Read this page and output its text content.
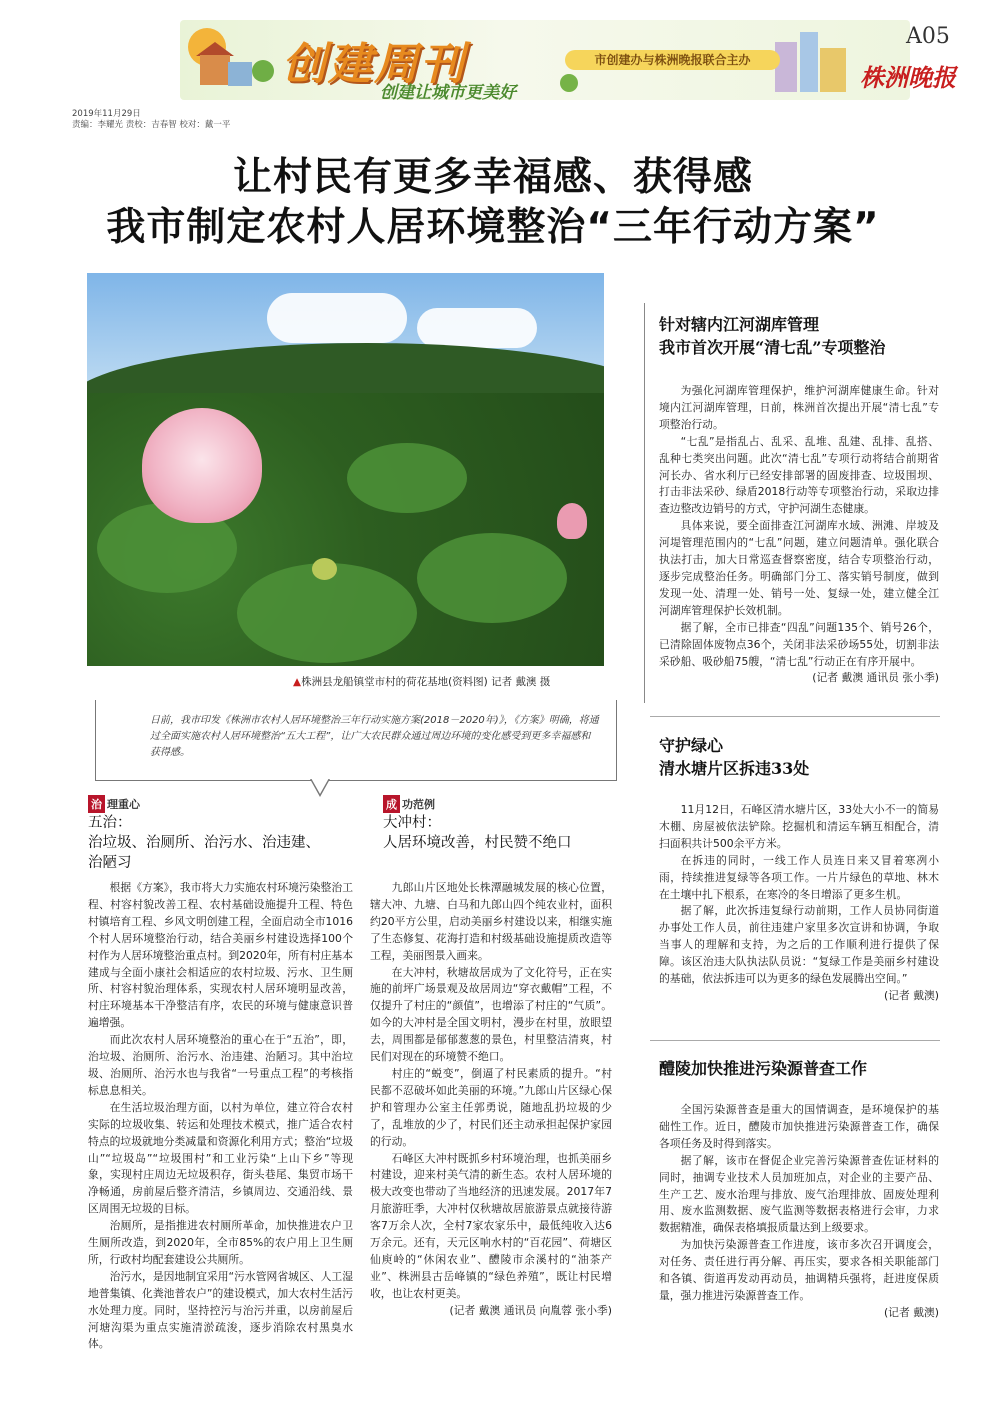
创建周刊
创建让城市更美好
市创建办与株洲晚报联合主办
A05
株洲晚报
2019年11月29日
责编：李耀光 责校：吉春智 校对：戴一平
让村民有更多幸福感、获得感
我市制定农村人居环境整治“三年行动方案”
▲株洲县龙船镇堂市村的荷花基地(资料图) 记者 戴澳 摄
日前，我市印发《株洲市农村人居环境整治三年行动实施方案(2018－2020年)》，《方案》明确，将通过全面实施农村人居环境整治“五大工程”，让广大农民群众通过周边环境的变化感受到更多幸福感和获得感。
治 理重心
五治：
治垃圾、治厕所、治污水、治违建、
治陋习

根据《方案》，我市将大力实施农村环境污染整治工程、村容村貌改善工程、农村基础设施提升工程、特色村镇培育工程、乡风文明创建工程，全面启动全市1016个村人居环境整治行动，结合美丽乡村建设选择100个村作为人居环境整治重点村。到2020年，所有村庄基本建成与全面小康社会相适应的农村垃圾、污水、卫生厕所、村容村貌治理体系，实现农村人居环境明显改善，村庄环境基本干净整洁有序，农民的环境与健康意识普遍增强。

而此次农村人居环境整治的重心在于“五治”，即，治垃圾、治厕所、治污水、治违建、治陋习。其中治垃圾、治厕所、治污水也与我省“一号重点工程”的考核指标息息相关。

在生活垃圾治理方面，以村为单位，建立符合农村实际的垃圾收集、转运和处理技术模式，推广适合农村特点的垃圾就地分类减量和资源化利用方式；整治“垃圾山”“垃圾岛”“垃圾围村”和工业污染“上山下乡”等现象，实现村庄周边无垃圾积存，街头巷尾、集贸市场干净畅通，房前屋后整齐清洁，乡镇周边、交通沿线、景区周围无垃圾的目标。

治厕所，是指推进农村厕所革命，加快推进农户卫生厕所改造，到2020年，全市85%的农户用上卫生厕所，行政村均配套建设公共厕所。

治污水，是因地制宜采用“污水管网省城区、人工湿地普集镇、化粪池普农户”的建设模式，加大农村生活污水处理力度。同时，坚持控污与治污并重，以房前屋后河塘沟渠为重点实施清淤疏浚，逐步消除农村黑臭水体。

成 功范例
大冲村：
人居环境改善，村民赞不绝口

九郎山片区地处长株潭融城发展的核心位置，辖大冲、九塘、白马和九郎山四个纯农业村，面积约20平方公里，启动美丽乡村建设以来，相继实施了生态修复、花海打造和村级基础设施提质改造等工程，美丽图景入画来。

在大冲村，秋塘故居成为了文化符号，正在实施的前坪广场景观及故居周边“穿衣戴帽”工程，不仅提升了村庄的“颜值”，也增添了村庄的“气质”。如今的大冲村是全国文明村，漫步在村里，放眼望去，周围都是郁郁葱葱的景色，村里整洁清爽，村民们对现在的环境赞不绝口。

村庄的“蜕变”，倒逼了村民素质的提升。“村民都不忍破坏如此美丽的环境。”九郎山片区绿心保护和管理办公室主任郭勇说，随地乱扔垃圾的少了，乱堆放的少了，村民们还主动承担起保护家园的行动。

石峰区大冲村既抓乡村环境治理，也抓美丽乡村建设，迎来村美气清的新生态。农村人居环境的极大改变也带动了当地经济的迅速发展。2017年7月旅游旺季，大冲村仅秋塘故居旅游景点就接待游客7万余人次，全村7家农家乐中，最低纯收入达6万余元。还有，天元区响水村的“百花园”、荷塘区仙庾岭的“休闲农业”、醴陵市余溪村的“油茶产业”、株洲县古岳峰镇的“绿色养殖”，既让村民增收，也让农村更美。

(记者 戴澳 通讯员 向胤蓉 张小季)
针对辖内江河湖库管理
我市首次开展“清七乱”专项整治

为强化河湖库管理保护，维护河湖库健康生命。针对境内江河湖库管理，日前，株洲首次提出开展“清七乱”专项整治行动。

“七乱”是指乱占、乱采、乱堆、乱建、乱排、乱搭、乱种七类突出问题。此次“清七乱”专项行动将结合前期省河长办、省水利厅已经安排部署的固废排查、垃圾围坝、打击非法采砂、绿盾2018行动等专项整治行动，采取边排查边整改边销号的方式，守护河湖生态健康。

具体来说，要全面排查江河湖库水域、洲滩、岸坡及河堤管理范围内的“七乱”问题，建立问题清单。强化联合执法打击，加大日常巡查督察密度，结合专项整治行动，逐步完成整治任务。明确部门分工、落实销号制度，做到发现一处、清理一处、销号一处、复绿一处，建立健全江河湖库管理保护长效机制。

据了解，全市已排查“四乱”问题135个、销号26个，已清除固体废物点36个，关闭非法采砂场55处，切割非法采砂船、吸砂船75艘，“清七乱”行动正在有序开展中。

(记者 戴澳 通讯员 张小季)
守护绿心
清水塘片区拆违33处

11月12日，石峰区清水塘片区，33处大小不一的简易木棚、房屋被依法铲除。挖掘机和清运车辆互相配合，清扫面积共计500余平方米。

在拆违的同时，一线工作人员连日来又冒着寒冽小雨，持续推进复绿等各项工作。一片片绿色的草地、林木在土壤中扎下根系，在寒冷的冬日增添了更多生机。

据了解，此次拆违复绿行动前期，工作人员协同街道办事处工作人员，前往违建户家里多次宣讲和协调，争取当事人的理解和支持，为之后的工作顺利进行提供了保障。该区治违大队执法队员说：“复绿工作是美丽乡村建设的基础，依法拆违可以为更多的绿色发展腾出空间。”

(记者 戴澳)
醴陵加快推进污染源普查工作

全国污染源普查是重大的国情调查，是环境保护的基础性工作。近日，醴陵市加快推进污染源普查工作，确保各项任务及时得到落实。

据了解，该市在督促企业完善污染源普查佐证材料的同时，抽调专业技术人员加班加点，对企业的主要产品、生产工艺、废水治理与排放、废气治理排放、固废处理利用、废水监测数据、废气监测等数据表格进行会审，力求数据精准，确保表格填报质量达到上级要求。

为加快污染源普查工作进度，该市多次召开调度会，对任务、责任进行再分解、再压实，要求各相关职能部门和各镇、街道再发动再动员，抽调精兵强将，赶进度保质量，强力推进污染源普查工作。

(记者 戴澳)
